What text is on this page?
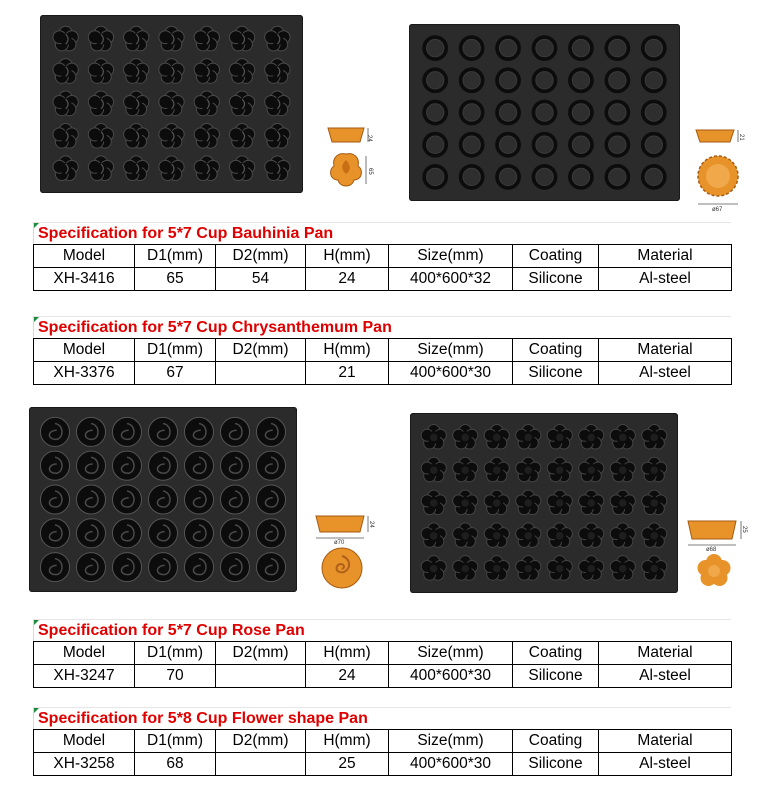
24
65
21
ø67
24
ø70
25
ø68
Specification for 5*7 Cup Bauhinia Pan
Model	D1(mm)	D2(mm)	H(mm)	Size(mm)	Coating	Material
XH-3416	65	54	24	400*600*32	Silicone	Al-steel
Specification for 5*7 Cup Chrysanthemum Pan
Model	D1(mm)	D2(mm)	H(mm)	Size(mm)	Coating	Material
XH-3376	67		21	400*600*30	Silicone	Al-steel
Specification for 5*7 Cup Rose Pan
Model	D1(mm)	D2(mm)	H(mm)	Size(mm)	Coating	Material
XH-3247	70		24	400*600*30	Silicone	Al-steel
Specification for 5*8 Cup Flower shape Pan
Model	D1(mm)	D2(mm)	H(mm)	Size(mm)	Coating	Material
XH-3258	68		25	400*600*30	Silicone	Al-steel
